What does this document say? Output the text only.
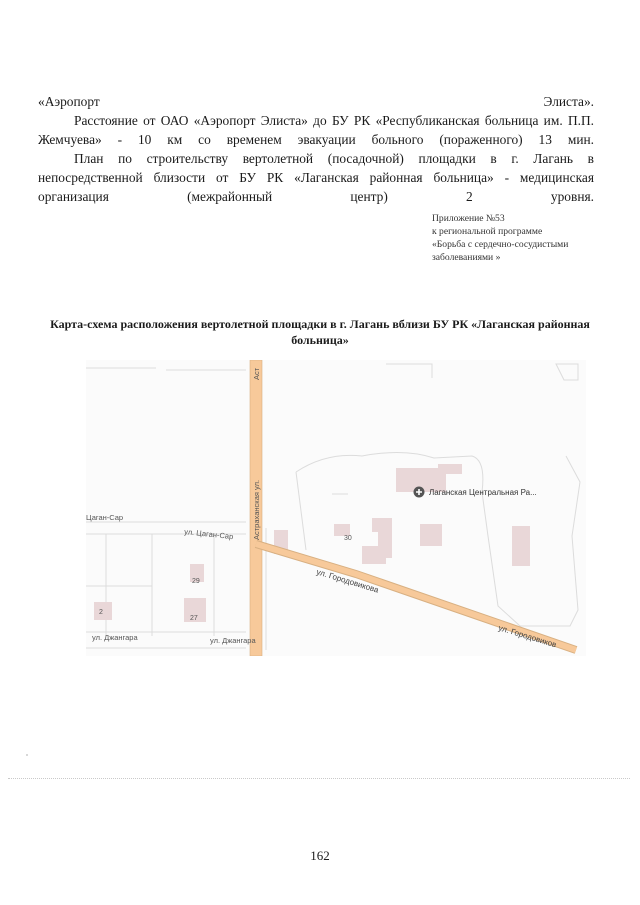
«Аэропорт Элиста».

Расстояние от ОАО «Аэропорт Элиста» до БУ РК «Республиканская больница им. П.П. Жемчуева» - 10 км со временем эвакуации больного (пораженного) 13 мин.

План по строительству вертолетной (посадочной) площадки в г. Лагань в непосредственной близости от БУ РК «Лаганская районная больница» - медицинская организация (межрайонный центр) 2 уровня.

Приложение №53
к региональной программе
«Борьба с сердечно-сосудистыми
заболеваниями »
Карта-схема расположения вертолетной площадки в г. Лагань вблизи БУ РК «Лаганская районная больница»
Лаганская Центральная Ра...
Астраханская ул.
Аст
ул. Городовикова
ул. Городовиков
Цаган-Сар
ул. Цаган-Сар
ул. Джангара	ул. Джангара
30
29
27
2
162
